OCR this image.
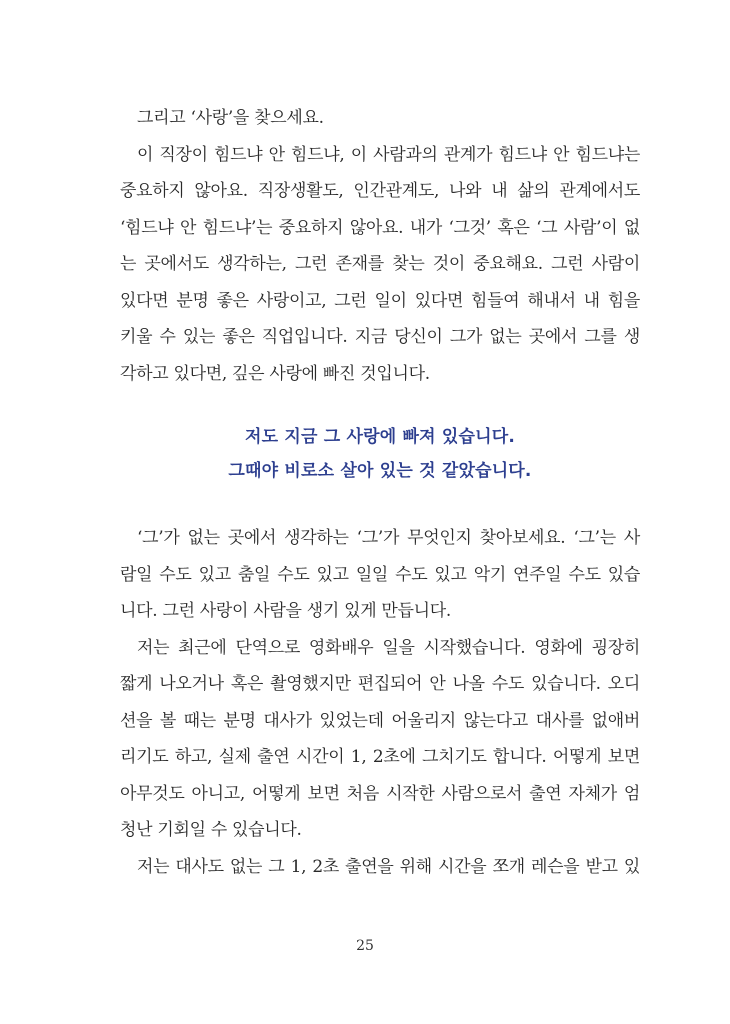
그리고 ‘사랑’을 찾으세요.
이 직장이 힘드냐 안 힘드냐, 이 사람과의 관계가 힘드냐 안 힘드냐는
중요하지 않아요. 직장생활도, 인간관계도, 나와 내 삶의 관계에서도
‘힘드냐 안 힘드냐’는 중요하지 않아요. 내가 ‘그것’ 혹은 ‘그 사람’이 없
는 곳에서도 생각하는, 그런 존재를 찾는 것이 중요해요. 그런 사람이
있다면 분명 좋은 사랑이고, 그런 일이 있다면 힘들여 해내서 내 힘을
키울 수 있는 좋은 직업입니다. 지금 당신이 그가 없는 곳에서 그를 생
각하고 있다면, 깊은 사랑에 빠진 것입니다.
저도 지금 그 사랑에 빠져 있습니다.
그때야 비로소 살아 있는 것 같았습니다.
‘그’가 없는 곳에서 생각하는 ‘그’가 무엇인지 찾아보세요. ‘그’는 사
람일 수도 있고 춤일 수도 있고 일일 수도 있고 악기 연주일 수도 있습
니다. 그런 사랑이 사람을 생기 있게 만듭니다.
저는 최근에 단역으로 영화배우 일을 시작했습니다. 영화에 굉장히
짧게 나오거나 혹은 촬영했지만 편집되어 안 나올 수도 있습니다. 오디
션을 볼 때는 분명 대사가 있었는데 어울리지 않는다고 대사를 없애버
리기도 하고, 실제 출연 시간이 1, 2초에 그치기도 합니다. 어떻게 보면
아무것도 아니고, 어떻게 보면 처음 시작한 사람으로서 출연 자체가 엄
청난 기회일 수 있습니다.
저는 대사도 없는 그 1, 2초 출연을 위해 시간을 쪼개 레슨을 받고 있
25
